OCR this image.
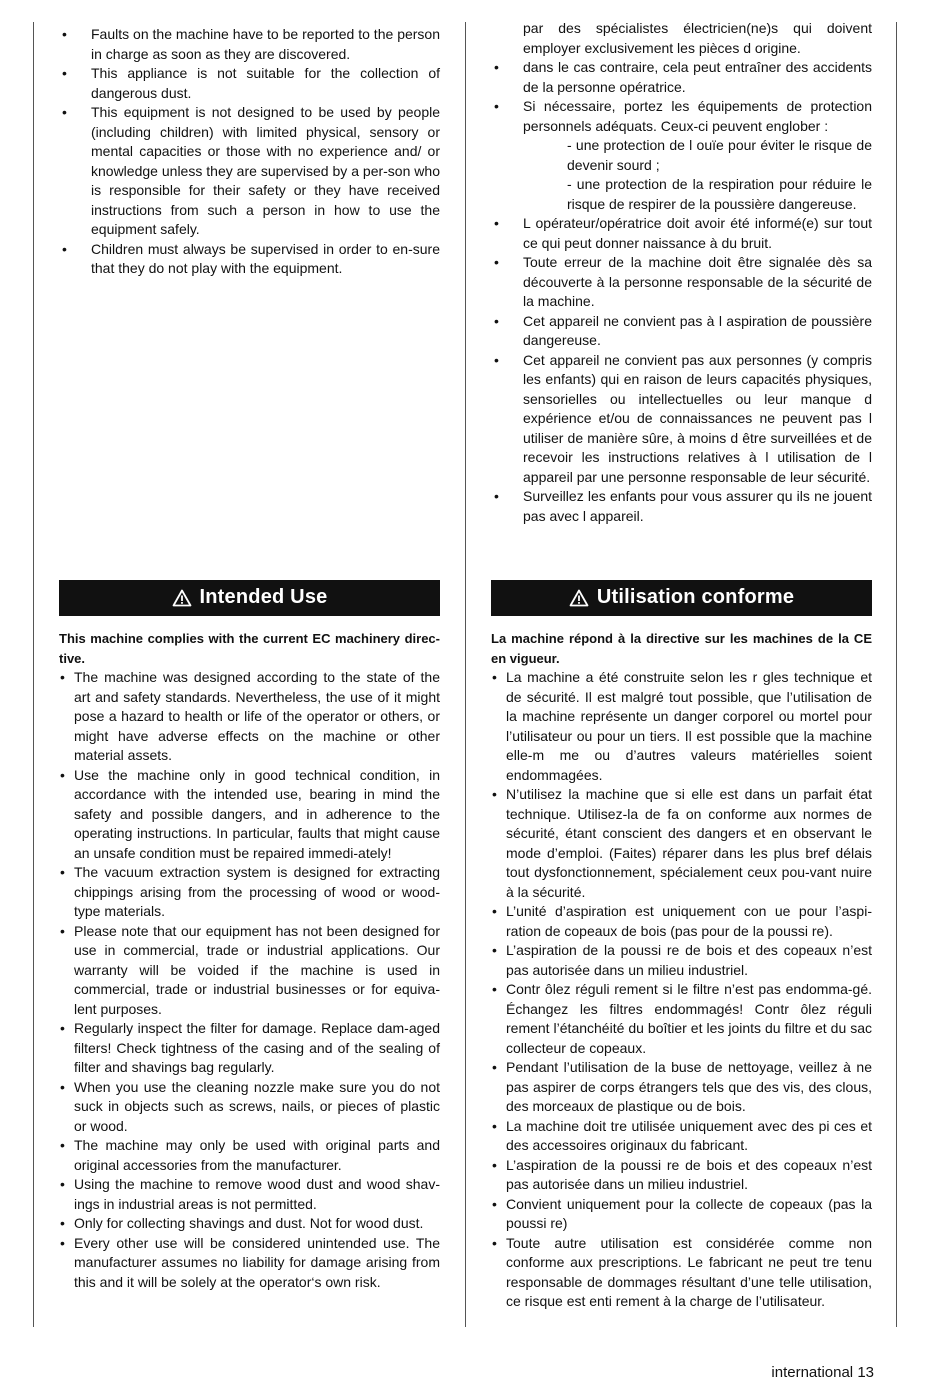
• Faults on the machine have to be reported to the person in charge as soon as they are discovered.
• This appliance is not suitable for the collection of dangerous dust.
• This equipment is not designed to be used by people (including children) with limited physical, sensory or mental capacities or those with no experience and/ or knowledge unless they are supervised by a per-son who is responsible for their safety or they have received instructions from such a person in how to use the equipment safely.
• Children must always be supervised in order to en-sure that they do not play with the equipment.

par des spécialistes électricien(ne)s qui doivent employer exclusivement les pièces d origine.

• dans le cas contraire, cela peut entraîner des accidents de la personne opératrice.
• Si nécessaire, portez les équipements de protection personnels adéquats. Ceux-ci peuvent englober :
- une protection de l ouïe pour éviter le risque de devenir sourd ;
- une protection de la respiration pour réduire le risque de respirer de la poussière dangereuse.
• L opérateur/opératrice doit avoir été informé(e) sur tout ce qui peut donner naissance à du bruit.
• Toute erreur de la machine doit être signalée dès sa découverte à la personne responsable de la sécurité de la machine.
• Cet appareil ne convient pas à l aspiration de poussière dangereuse.
• Cet appareil ne convient pas aux personnes (y compris les enfants) qui en raison de leurs capacités physiques, sensorielles ou intellectuelles ou leur manque d expérience et/ou de connaissances ne peuvent pas l utiliser de manière sûre, à moins d être surveillées et de recevoir les instructions relatives à l utilisation de l appareil par une personne responsable de leur sécurité.
• Surveillez les enfants pour vous assurer qu ils ne jouent pas avec l appareil.
Intended Use	Utilisation conforme

This machine complies with the current EC machinery direc-tive.

• The machine was designed according to the state of the art and safety standards. Nevertheless, the use of it might pose a hazard to health or life of the operator or others, or might have adverse effects on the machine or other material assets.
• Use the machine only in good technical condition, in accordance with the intended use, bearing in mind the safety and possible dangers, and in adherence to the operating instructions. In particular, faults that might cause an unsafe condition must be repaired immedi-ately!
• The vacuum extraction system is designed for extracting chippings arising from the processing of wood or wood-type materials.
• Please note that our equipment has not been designed for use in commercial, trade or industrial applications. Our warranty will be voided if the machine is used in commercial, trade or industrial businesses or for equiva-lent purposes.
• Regularly inspect the filter for damage. Replace dam-aged filters! Check tightness of the casing and of the sealing of filter and shavings bag regularly.
• When you use the cleaning nozzle make sure you do not suck in objects such as screws, nails, or pieces of plastic or wood.
• The machine may only be used with original parts and original accessories from the manufacturer.
• Using the machine to remove wood dust and wood shav-ings in industrial areas is not permitted.
• Only for collecting shavings and dust. Not for wood dust.
• Every other use will be considered unintended use. The manufacturer assumes no liability for damage arising from this and it will be solely at the operator‘s own risk.

La machine répond à la directive sur les machines de la CE en vigueur.

• La machine a été construite selon les r gles technique et de sécurité. Il est malgré tout possible, que l’utilisation de la machine représente un danger corporel ou mortel pour l’utilisateur ou pour un tiers. Il est possible que la machine elle-m me ou d’autres valeurs matérielles soient endommagées.
• N’utilisez la machine que si elle est dans un parfait état technique. Utilisez-la de fa on conforme aux normes de sécurité, étant conscient des dangers et en observant le mode d’emploi. (Faites) réparer dans les plus bref délais tout dysfonctionnement, spécialement ceux pou-vant nuire à la sécurité.
• L’unité d’aspiration est uniquement con ue pour l’aspi-ration de copeaux de bois (pas pour de la poussi re).
• L’aspiration de la poussi re de bois et des copeaux n’est pas autorisée dans un milieu industriel.
• Contr ôlez réguli rement si le filtre n’est pas endomma-gé. Échangez les filtres endommagés! Contr ôlez réguli rement l’étanchéité du boîtier et les joints du filtre et du sac collecteur de copeaux.
• Pendant l’utilisation de la buse de nettoyage, veillez à ne pas aspirer de corps étrangers tels que des vis, des clous, des morceaux de plastique ou de bois.
• La machine doit tre utilisée uniquement avec des pi ces et des accessoires originaux du fabricant.
• L’aspiration de la poussi re de bois et des copeaux n’est pas autorisée dans un milieu industriel.
• Convient uniquement pour la collecte de copeaux (pas la poussi re)
• Toute autre utilisation est considérée comme non conforme aux prescriptions. Le fabricant ne peut tre tenu responsable de dommages résultant d’une telle utilisation, ce risque est enti rement à la charge de l’utilisateur.
international 13
